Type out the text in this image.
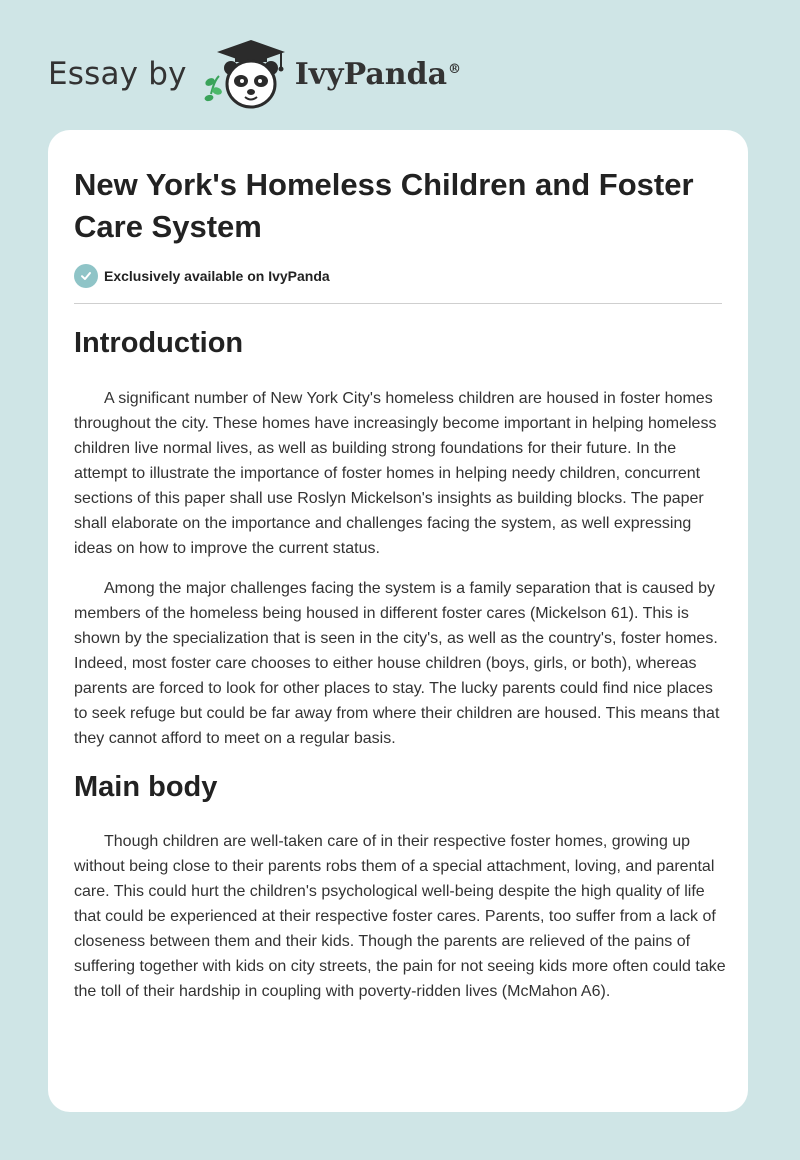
Essay by	IvyPanda®
New York's Homeless Children and Foster Care System
Exclusively available on IvyPanda
Introduction

A significant number of New York City's homeless children are housed in foster homes throughout the city. These homes have increasingly become important in helping homeless children live normal lives, as well as building strong foundations for their future. In the attempt to illustrate the importance of foster homes in helping needy children, concurrent sections of this paper shall use Roslyn Mickelson's insights as building blocks. The paper shall elaborate on the importance and challenges facing the system, as well expressing ideas on how to improve the current status.

Among the major challenges facing the system is a family separation that is caused by members of the homeless being housed in different foster cares (Mickelson 61). This is shown by the specialization that is seen in the city's, as well as the country's, foster homes. Indeed, most foster care chooses to either house children (boys, girls, or both), whereas parents are forced to look for other places to stay. The lucky parents could find nice places to seek refuge but could be far away from where their children are housed. This means that they cannot afford to meet on a regular basis.

Main body

Though children are well-taken care of in their respective foster homes, growing up without being close to their parents robs them of a special attachment, loving, and parental care. This could hurt the children's psychological well-being despite the high quality of life that could be experienced at their respective foster cares. Parents, too suffer from a lack of closeness between them and their kids. Though the parents are relieved of the pains of suffering together with kids on city streets, the pain for not seeing kids more often could take the toll of their hardship in coupling with poverty-ridden lives (McMahon A6).
